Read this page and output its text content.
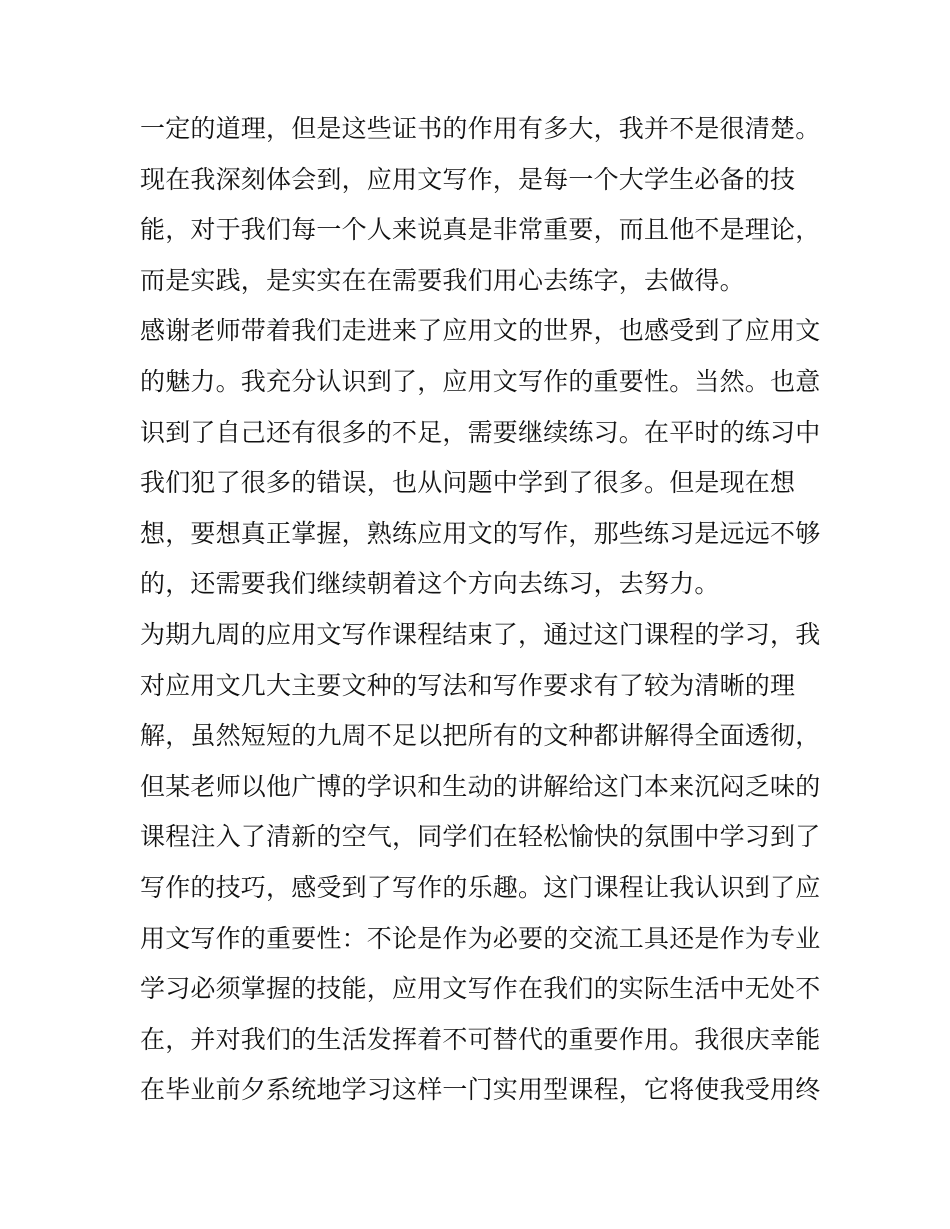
一定的道理，但是这些证书的作用有多大，我并不是很清楚。
现在我深刻体会到，应用文写作，是每一个大学生必备的技
能，对于我们每一个人来说真是非常重要，而且他不是理论，
而是实践，是实实在在需要我们用心去练字，去做得。
感谢老师带着我们走进来了应用文的世界，也感受到了应用文
的魅力。我充分认识到了，应用文写作的重要性。当然。也意
识到了自己还有很多的不足，需要继续练习。在平时的练习中
我们犯了很多的错误，也从问题中学到了很多。但是现在想
想，要想真正掌握，熟练应用文的写作，那些练习是远远不够
的，还需要我们继续朝着这个方向去练习，去努力。
为期九周的应用文写作课程结束了，通过这门课程的学习，我
对应用文几大主要文种的写法和写作要求有了较为清晰的理
解，虽然短短的九周不足以把所有的文种都讲解得全面透彻，
但某老师以他广博的学识和生动的讲解给这门本来沉闷乏味的
课程注入了清新的空气，同学们在轻松愉快的氛围中学习到了
写作的技巧，感受到了写作的乐趣。这门课程让我认识到了应
用文写作的重要性：不论是作为必要的交流工具还是作为专业
学习必须掌握的技能，应用文写作在我们的实际生活中无处不
在，并对我们的生活发挥着不可替代的重要作用。我很庆幸能
在毕业前夕系统地学习这样一门实用型课程，它将使我受用终
